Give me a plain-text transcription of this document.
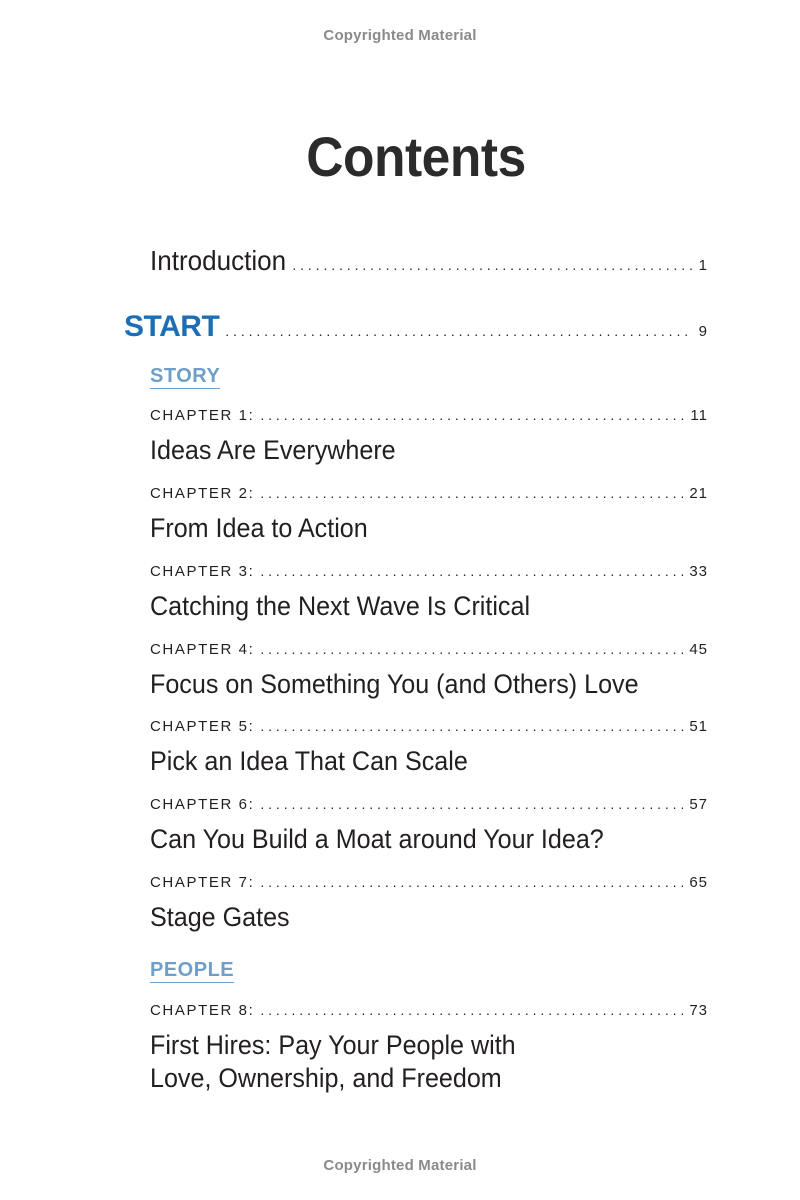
Copyrighted Material
Contents
Introduction . . .	1
START . . .	9
STORY
CHAPTER 1: . . .	11
Ideas Are Everywhere
CHAPTER 2: . . .	21
From Idea to Action
CHAPTER 3: . . .	33
Catching the Next Wave Is Critical
CHAPTER 4: . . .	45
Focus on Something You (and Others) Love
CHAPTER 5: . . .	51
Pick an Idea That Can Scale
CHAPTER 6: . . .	57
Can You Build a Moat around Your Idea?
CHAPTER 7: . . .	65
Stage Gates
PEOPLE
CHAPTER 8: . . .	73
First Hires: Pay Your People with
Love, Ownership, and Freedom
Copyrighted Material
